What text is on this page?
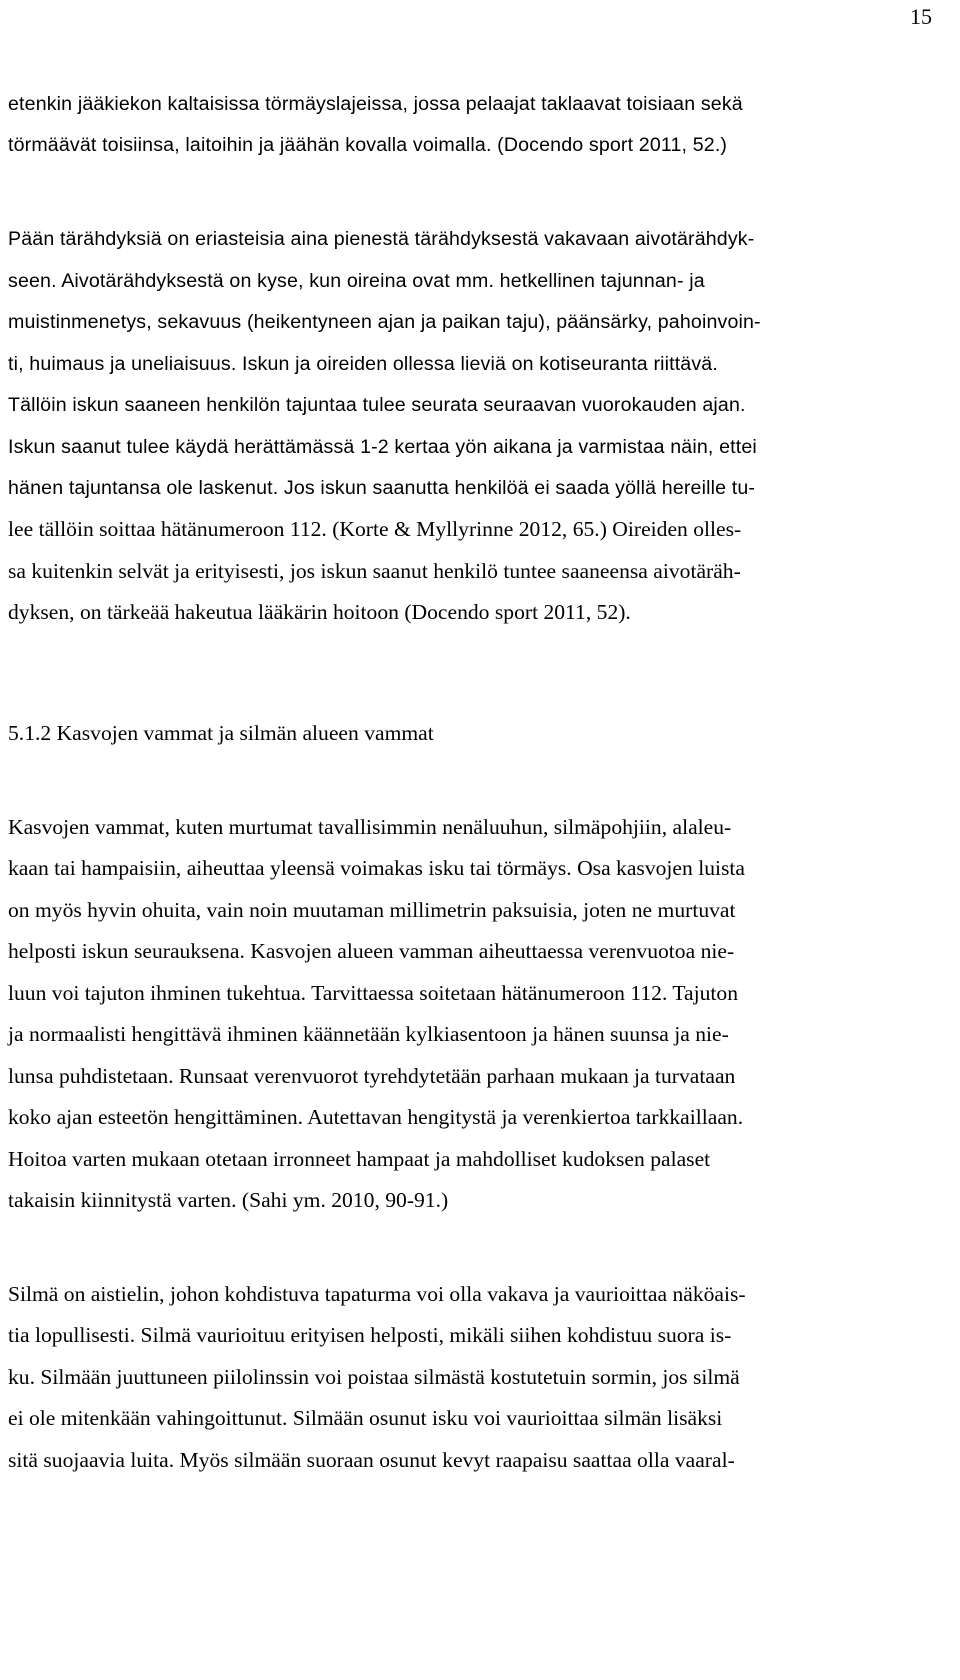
15
etenkin jääkiekon kaltaisissa törmäyslajeissa, jossa pelaajat taklaavat toisiaan sekä
törmäävät toisiinsa, laitoihin ja jäähän kovalla voimalla. (Docendo sport 2011, 52.)
Pään tärähdyksiä on eriasteisia aina pienestä tärähdyksestä vakavaan aivotärähdyk-
seen. Aivotärähdyksestä on kyse, kun oireina ovat mm. hetkellinen tajunnan- ja
muistinmenetys, sekavuus (heikentyneen ajan ja paikan taju), päänsärky, pahoinvoin-
ti, huimaus ja uneliaisuus. Iskun ja oireiden ollessa lieviä on kotiseuranta riittävä.
Tällöin iskun saaneen henkilön tajuntaa tulee seurata seuraavan vuorokauden ajan.
Iskun saanut tulee käydä herättämässä 1-2 kertaa yön aikana ja varmistaa näin, ettei
hänen tajuntansa ole laskenut. Jos iskun saanutta henkilöä ei saada yöllä hereille tu-
lee tällöin soittaa hätänumeroon 112. (Korte & Myllyrinne 2012, 65.) Oireiden olles-
sa kuitenkin selvät ja erityisesti, jos iskun saanut henkilö tuntee saaneensa aivotäräh-
dyksen, on tärkeää hakeutua lääkärin hoitoon (Docendo sport 2011, 52).
5.1.2 Kasvojen vammat ja silmän alueen vammat
Kasvojen vammat, kuten murtumat tavallisimmin nenäluuhun, silmäpohjiin, alaleu-
kaan tai hampaisiin, aiheuttaa yleensä voimakas isku tai törmäys. Osa kasvojen luista
on myös hyvin ohuita, vain noin muutaman millimetrin paksuisia, joten ne murtuvat
helposti iskun seurauksena. Kasvojen alueen vamman aiheuttaessa verenvuotoa nie-
luun voi tajuton ihminen tukehtua. Tarvittaessa soitetaan hätänumeroon 112. Tajuton
ja normaalisti hengittävä ihminen käännetään kylkiasentoon ja hänen suunsa ja nie-
lunsa puhdistetaan. Runsaat verenvuorot tyrehdytetään parhaan mukaan ja turvataan
koko ajan esteetön hengittäminen. Autettavan hengitystä ja verenkiertoa tarkkaillaan.
Hoitoa varten mukaan otetaan irronneet hampaat ja mahdolliset kudoksen palaset
takaisin kiinnitystä varten. (Sahi ym. 2010, 90-91.)
Silmä on aistielin, johon kohdistuva tapaturma voi olla vakava ja vaurioittaa näköais-
tia lopullisesti. Silmä vaurioituu erityisen helposti, mikäli siihen kohdistuu suora is-
ku. Silmään juuttuneen piilolinssin voi poistaa silmästä kostutetuin sormin, jos silmä
ei ole mitenkään vahingoittunut. Silmään osunut isku voi vaurioittaa silmän lisäksi
sitä suojaavia luita. Myös silmään suoraan osunut kevyt raapaisu saattaa olla vaaral-
